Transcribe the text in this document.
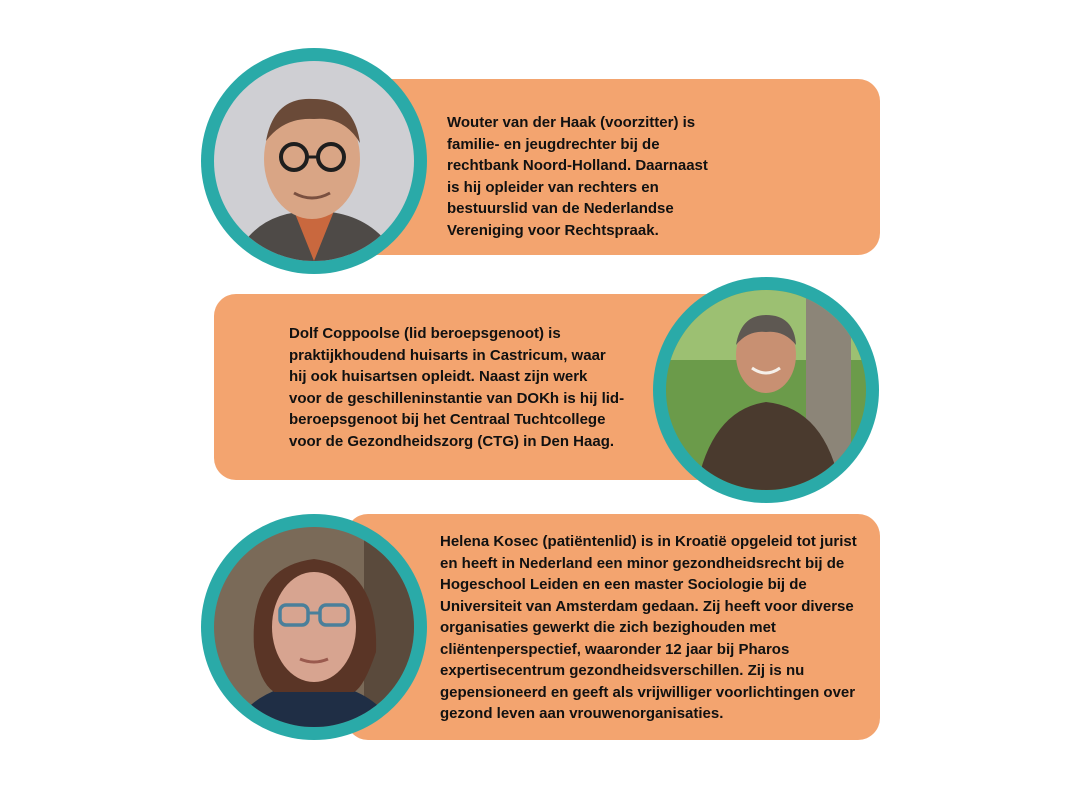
Wouter van der Haak (voorzitter) is
familie- en jeugdrechter bij de
rechtbank Noord-Holland. Daarnaast
is hij opleider van rechters en
bestuurslid van de Nederlandse
Vereniging voor Rechtspraak.
Dolf Coppoolse (lid beroepsgenoot) is
praktijkhoudend huisarts in Castricum, waar
hij ook huisartsen opleidt. Naast zijn werk
voor de geschilleninstantie van DOKh is hij lid-
beroepsgenoot bij het Centraal Tuchtcollege
voor de Gezondheidszorg (CTG) in Den Haag.
Helena Kosec (patiëntenlid) is in Kroatië opgeleid tot jurist
en heeft in Nederland een minor gezondheidsrecht bij de
Hogeschool Leiden en een master Sociologie bij de
Universiteit van Amsterdam gedaan. Zij heeft voor diverse
organisaties gewerkt die zich bezighouden met
cliëntenperspectief, waaronder 12 jaar bij Pharos
expertisecentrum gezondheidsverschillen. Zij is nu
gepensioneerd en geeft als vrijwilliger voorlichtingen over
gezond leven aan vrouwenorganisaties.
